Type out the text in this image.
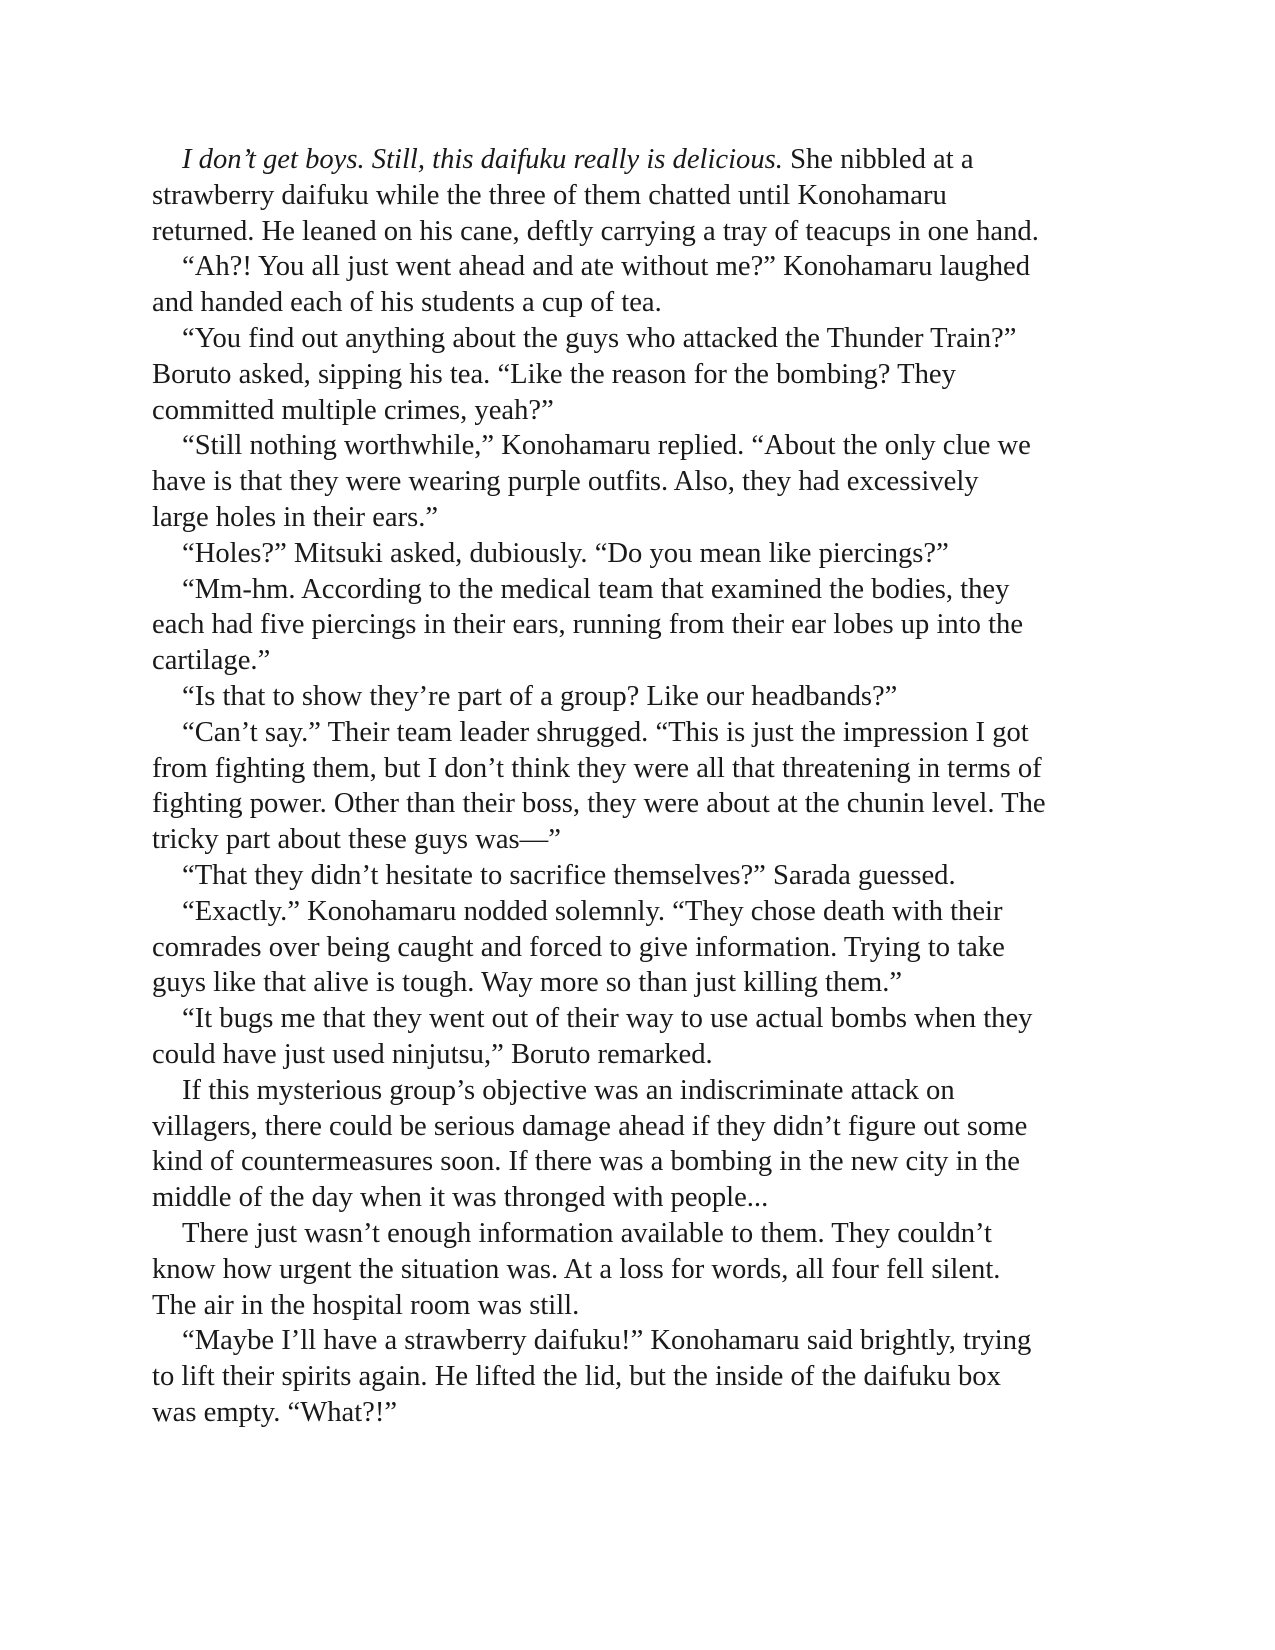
I don’t get boys. Still, this daifuku really is delicious. She nibbled at a
strawberry daifuku while the three of them chatted until Konohamaru
returned. He leaned on his cane, deftly carrying a tray of teacups in one hand.
“Ah?! You all just went ahead and ate without me?” Konohamaru laughed
and handed each of his students a cup of tea.
“You find out anything about the guys who attacked the Thunder Train?”
Boruto asked, sipping his tea. “Like the reason for the bombing? They
committed multiple crimes, yeah?”
“Still nothing worthwhile,” Konohamaru replied. “About the only clue we
have is that they were wearing purple outfits. Also, they had excessively
large holes in their ears.”
“Holes?” Mitsuki asked, dubiously. “Do you mean like piercings?”
“Mm-hm. According to the medical team that examined the bodies, they
each had five piercings in their ears, running from their ear lobes up into the
cartilage.”
“Is that to show they’re part of a group? Like our headbands?”
“Can’t say.” Their team leader shrugged. “This is just the impression I got
from fighting them, but I don’t think they were all that threatening in terms of
fighting power. Other than their boss, they were about at the chunin level. The
tricky part about these guys was—”
“That they didn’t hesitate to sacrifice themselves?” Sarada guessed.
“Exactly.” Konohamaru nodded solemnly. “They chose death with their
comrades over being caught and forced to give information. Trying to take
guys like that alive is tough. Way more so than just killing them.”
“It bugs me that they went out of their way to use actual bombs when they
could have just used ninjutsu,” Boruto remarked.
If this mysterious group’s objective was an indiscriminate attack on
villagers, there could be serious damage ahead if they didn’t figure out some
kind of countermeasures soon. If there was a bombing in the new city in the
middle of the day when it was thronged with people...
There just wasn’t enough information available to them. They couldn’t
know how urgent the situation was. At a loss for words, all four fell silent.
The air in the hospital room was still.
“Maybe I’ll have a strawberry daifuku!” Konohamaru said brightly, trying
to lift their spirits again. He lifted the lid, but the inside of the daifuku box
was empty. “What?!”
